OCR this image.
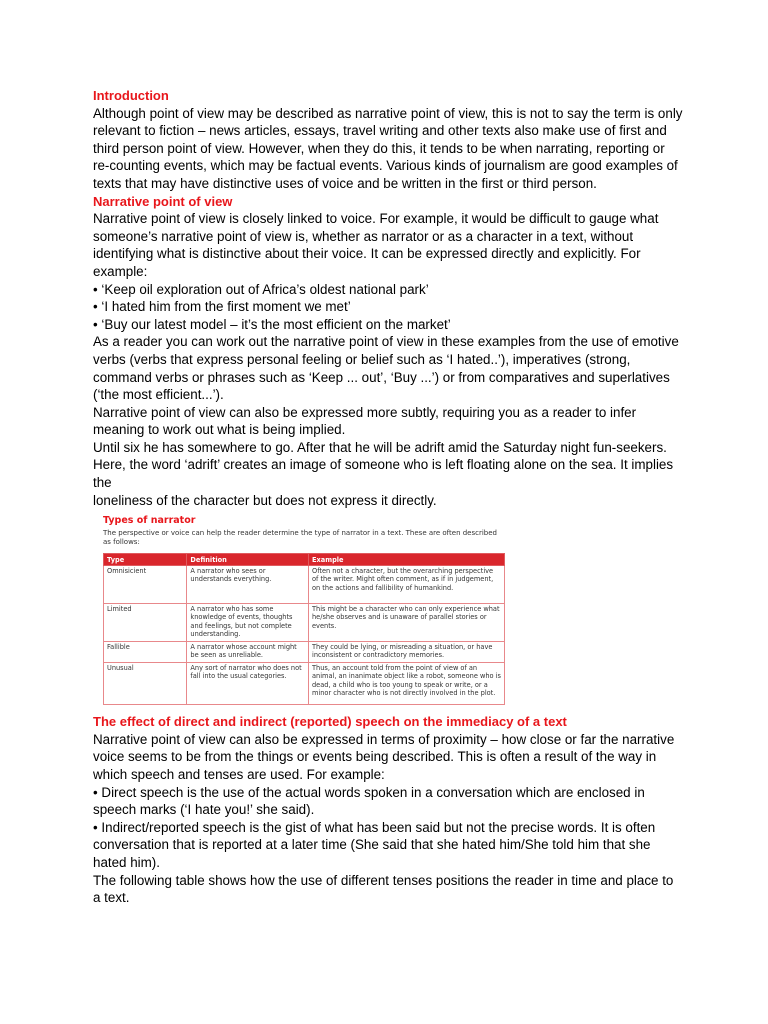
Introduction

Although point of view may be described as narrative point of view, this is not to say the term is only relevant to fiction – news articles, essays, travel writing and other texts also make use of first and third person point of view. However, when they do this, it tends to be when narrating, reporting or re-counting events, which may be factual events. Various kinds of journalism are good examples of texts that may have distinctive uses of voice and be written in the first or third person.

Narrative point of view

Narrative point of view is closely linked to voice. For example, it would be difficult to gauge what someone’s narrative point of view is, whether as narrator or as a character in a text, without identifying what is distinctive about their voice. It can be expressed directly and explicitly. For example:

• ‘Keep oil exploration out of Africa’s oldest national park’

• ‘I hated him from the first moment we met’

• ‘Buy our latest model – it’s the most efficient on the market’

As a reader you can work out the narrative point of view in these examples from the use of emotive verbs (verbs that express personal feeling or belief such as ‘I hated..’), imperatives (strong, command verbs or phrases such as ‘Keep ... out’, ‘Buy ...’) or from comparatives and superlatives (‘the most efficient...’).

Narrative point of view can also be expressed more subtly, requiring you as a reader to infer meaning to work out what is being implied.

Until six he has somewhere to go. After that he will be adrift amid the Saturday night fun-seekers. Here, the word ‘adrift’ creates an image of someone who is left floating alone on the sea. It implies the

loneliness of the character but does not express it directly.

Types of narrator

The perspective or voice can help the reader determine the type of narrator in a text. These are often described as follows:

Type	Definition	Example
Omnisicient	A narrator who sees or understands everything.	Often not a character, but the overarching perspective of the writer. Might often comment, as if in judgement, on the actions and fallibility of humankind.
Limited	A narrator who has some knowledge of events, thoughts and feelings, but not complete understanding.	This might be a character who can only experience what he/she observes and is unaware of parallel stories or events.
Fallible	A narrator whose account might be seen as unreliable.	They could be lying, or misreading a situation, or have inconsistent or contradictory memories.
Unusual	Any sort of narrator who does not fall into the usual categories.	Thus, an account told from the point of view of an animal, an inanimate object like a robot, someone who is dead, a child who is too young to speak or write, or a minor character who is not directly involved in the plot.

The effect of direct and indirect (reported) speech on the immediacy of a text

Narrative point of view can also be expressed in terms of proximity – how close or far the narrative voice seems to be from the things or events being described. This is often a result of the way in which speech and tenses are used. For example:

• Direct speech is the use of the actual words spoken in a conversation which are enclosed in speech marks (‘I hate you!’ she said).

• Indirect/reported speech is the gist of what has been said but not the precise words. It is often conversation that is reported at a later time (She said that she hated him/She told him that she hated him).

The following table shows how the use of different tenses positions the reader in time and place to a text.
